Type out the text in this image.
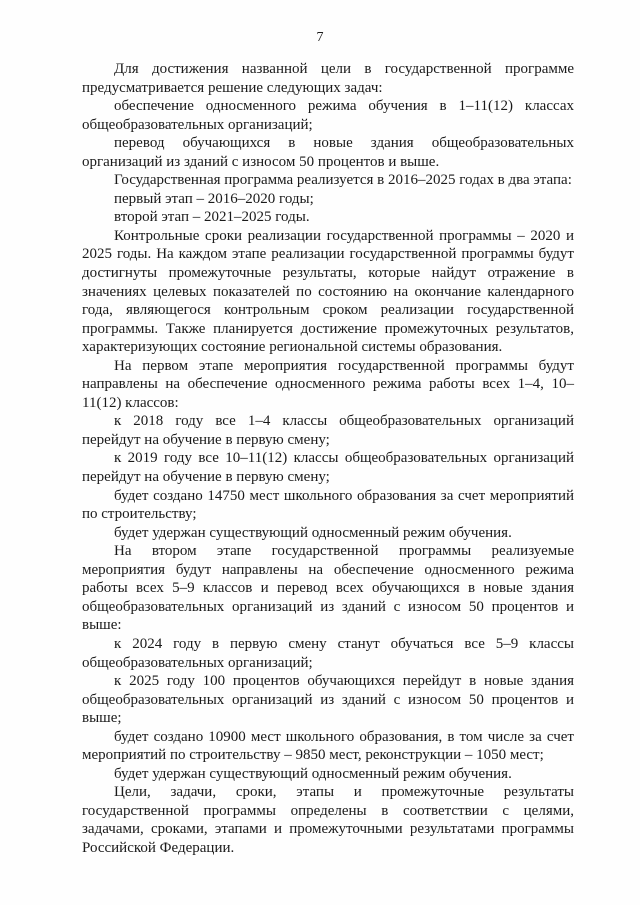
7

Для достижения названной цели в государственной программе предусматривается решение следующих задач:

обеспечение односменного режима обучения в 1–11(12) классах общеобразовательных организаций;

перевод обучающихся в новые здания общеобразовательных организаций из зданий с износом 50 процентов и выше.

Государственная программа реализуется в 2016–2025 годах в два этапа:

первый этап – 2016–2020 годы;

второй этап – 2021–2025 годы.

Контрольные сроки реализации государственной программы – 2020 и 2025 годы. На каждом этапе реализации государственной программы будут достигнуты промежуточные результаты, которые найдут отражение в значениях целевых показателей по состоянию на окончание календарного года, являющегося контрольным сроком реализации государственной программы. Также планируется достижение промежуточных результатов, характеризующих состояние региональной системы образования.

На первом этапе мероприятия государственной программы будут направлены на обеспечение односменного режима работы всех 1–4, 10–11(12) классов:

к 2018 году все 1–4 классы общеобразовательных организаций перейдут на обучение в первую смену;

к 2019 году все 10–11(12) классы общеобразовательных организаций перейдут на обучение в первую смену;

будет создано 14750 мест школьного образования за счет мероприятий по строительству;

будет удержан существующий односменный режим обучения.

На втором этапе государственной программы реализуемые мероприятия будут направлены на обеспечение односменного режима работы всех 5–9 классов и перевод всех обучающихся в новые здания общеобразовательных организаций из зданий с износом 50 процентов и выше:

к 2024 году в первую смену станут обучаться все 5–9 классы общеобразовательных организаций;

к 2025 году 100 процентов обучающихся перейдут в новые здания общеобразовательных организаций из зданий с износом 50 процентов и выше;

будет создано 10900 мест школьного образования, в том числе за счет мероприятий по строительству – 9850 мест, реконструкции – 1050 мест;

будет удержан существующий односменный режим обучения.

Цели, задачи, сроки, этапы и промежуточные результаты государственной программы определены в соответствии с целями, задачами, сроками, этапами и промежуточными результатами программы Российской Федерации.
